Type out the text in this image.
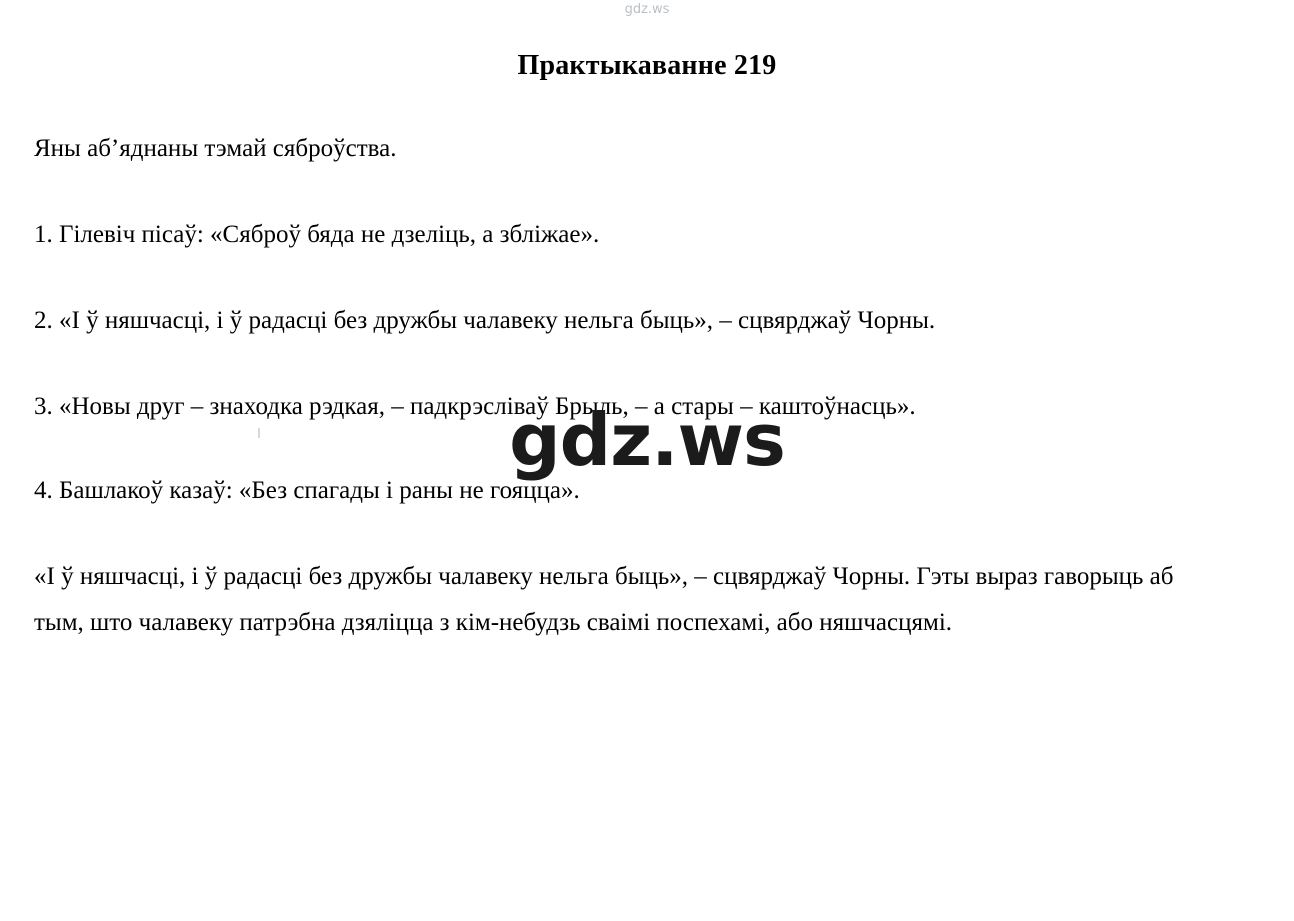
gdz.ws
Практыкаванне 219

Яны аб’яднаны тэмай сяброўства.

1. Гілевіч пісаў: «Сяброў бяда не дзеліць, а збліжае».

2. «І ў няшчасці, і ў радасці без дружбы чалавеку нельга быць», – сцвярджаў Чорны.

3. «Новы друг – знаходка рэдкая, – падкрэсліваў Брыль, – а стары – каштоўнасць».

4. Башлакоў казаў: «Без спагады і раны не гояцца».

«І ў няшчасці, і ў радасці без дружбы чалавеку нельга быць», – сцвярджаў Чорны. Гэты выраз гаворыць аб тым, што чалавеку патрэбна дзяліцца з кім-небудзь сваімі поспехамі, або няшчасцямі.

gdz.ws
